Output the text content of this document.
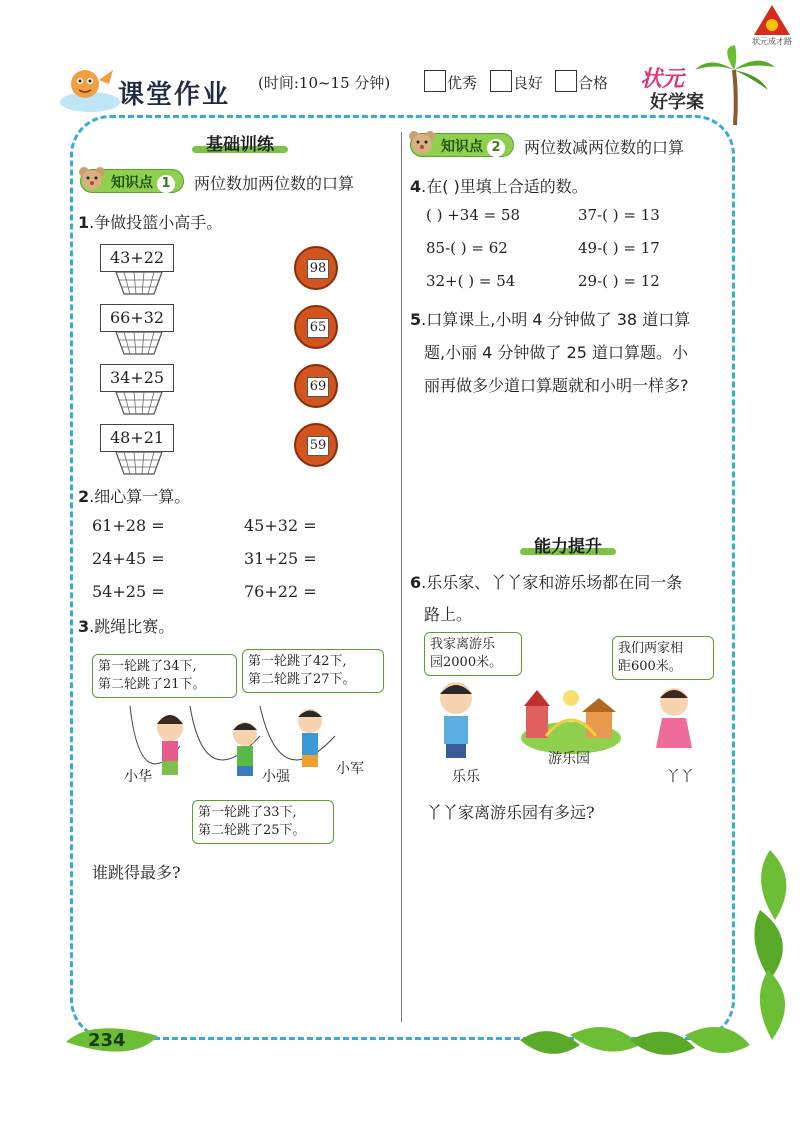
课堂作业 (时间:10~15 分钟)	优秀 良好 合格 状元
好学案
状元成才路
基础训练
知识点 1	两位数加两位数的口算
1.争做投篮小高手。
43+22
66+32
34+25
48+21
98
65
69
59
2.细心算一算。
61+28 =	45+32 =
24+45 =	31+25 =
54+25 =	76+22 =
3.跳绳比赛。
第一轮跳了34下,
第二轮跳了21下。
第一轮跳了42下,
第二轮跳了27下。
小华	小强	小军
第一轮跳了33下,
第二轮跳了25下。
谁跳得最多?
知识点 2	两位数减两位数的口算
4.在( )里填上合适的数。
( ) +34 = 58	37-( ) = 13
85-( ) = 62	49-( ) = 17
32+( ) = 54	29-( ) = 12
5.口算课上,小明 4 分钟做了 38 道口算
题,小丽 4 分钟做了 25 道口算题。小
丽再做多少道口算题就和小明一样多?
能力提升
6.乐乐家、丫丫家和游乐场都在同一条
路上。
我家离游乐
园2000米。
我们两家相
距600米。
乐乐
游乐园
丫丫
丫丫家离游乐园有多远?
234
